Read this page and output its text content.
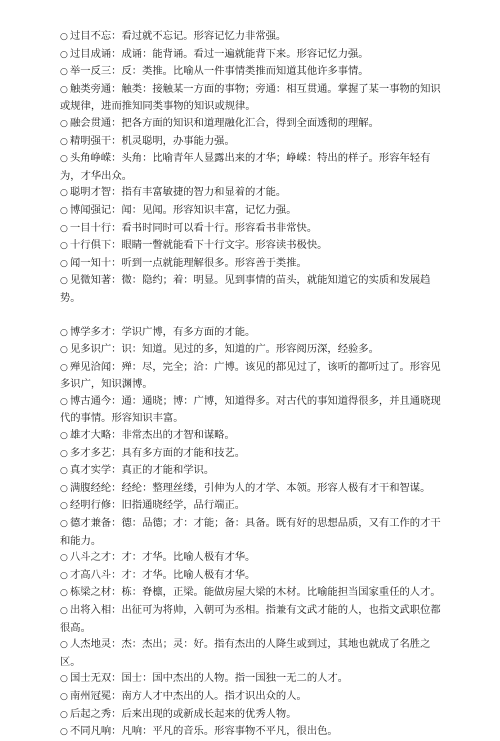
○ 过目不忘：看过就不忘记。形容记忆力非常强。
○ 过目成诵：成诵：能背诵。看过一遍就能背下来。形容记忆力强。
○ 举一反三：反：类推。比喻从一件事情类推而知道其他许多事情。
○ 触类旁通：触类：接触某一方面的事物；旁通：相互贯通。掌握了某一事物的知识或规律，进而推知同类事物的知识或规律。
○ 融会贯通：把各方面的知识和道理融化汇合，得到全面透彻的理解。
○ 精明强干：机灵聪明，办事能力强。
○ 头角峥嵘：头角：比喻青年人显露出来的才华；峥嵘：特出的样子。形容年轻有为，才华出众。
○ 聪明才智：指有丰富敏捷的智力和显着的才能。
○ 博闻强记：闻：见闻。形容知识丰富，记忆力强。
○ 一目十行：看书时同时可以看十行。形容看书非常快。
○ 十行俱下：眼睛一瞥就能看下十行文字。形容读书极快。
○ 闻一知十：听到一点就能理解很多。形容善于类推。
○ 见微知著：微：隐约；着：明显。见到事情的苗头，就能知道它的实质和发展趋势。
○ 博学多才：学识广博，有多方面的才能。
○ 见多识广：识：知道。见过的多，知道的广。形容阅历深，经验多。
○ 殚见洽闻：殚：尽，完全；洽：广博。该见的都见过了，该听的都听过了。形容见多识广，知识渊博。
○ 博古通今：通：通晓；博：广博，知道得多。对古代的事知道得很多，并且通晓现代的事情。形容知识丰富。
○ 雄才大略：非常杰出的才智和谋略。
○ 多才多艺：具有多方面的才能和技艺。
○ 真才实学：真正的才能和学识。
○ 满腹经纶：经纶：整理丝缕，引伸为人的才学、本领。形容人极有才干和智谋。
○ 经明行修：旧指通晓经学，品行端正。
○ 德才兼备：德：品德；才：才能；备：具备。既有好的思想品质，又有工作的才干和能力。
○ 八斗之才：才：才华。比喻人极有才华。
○ 才高八斗：才：才华。比喻人极有才华。
○ 栋梁之材：栋：脊檩，正梁。能做房屋大梁的木材。比喻能担当国家重任的人才。
○ 出将入相：出征可为将帅，入朝可为丞相。指兼有文武才能的人，也指文武职位都很高。
○ 人杰地灵：杰：杰出；灵：好。指有杰出的人降生或到过，其地也就成了名胜之区。
○ 国士无双：国士：国中杰出的人物。指一国独一无二的人才。
○ 南州冠冕：南方人才中杰出的人。指才识出众的人。
○ 后起之秀：后来出现的或新成长起来的优秀人物。
○ 不同凡响：凡响：平凡的音乐。形容事物不平凡，很出色。
